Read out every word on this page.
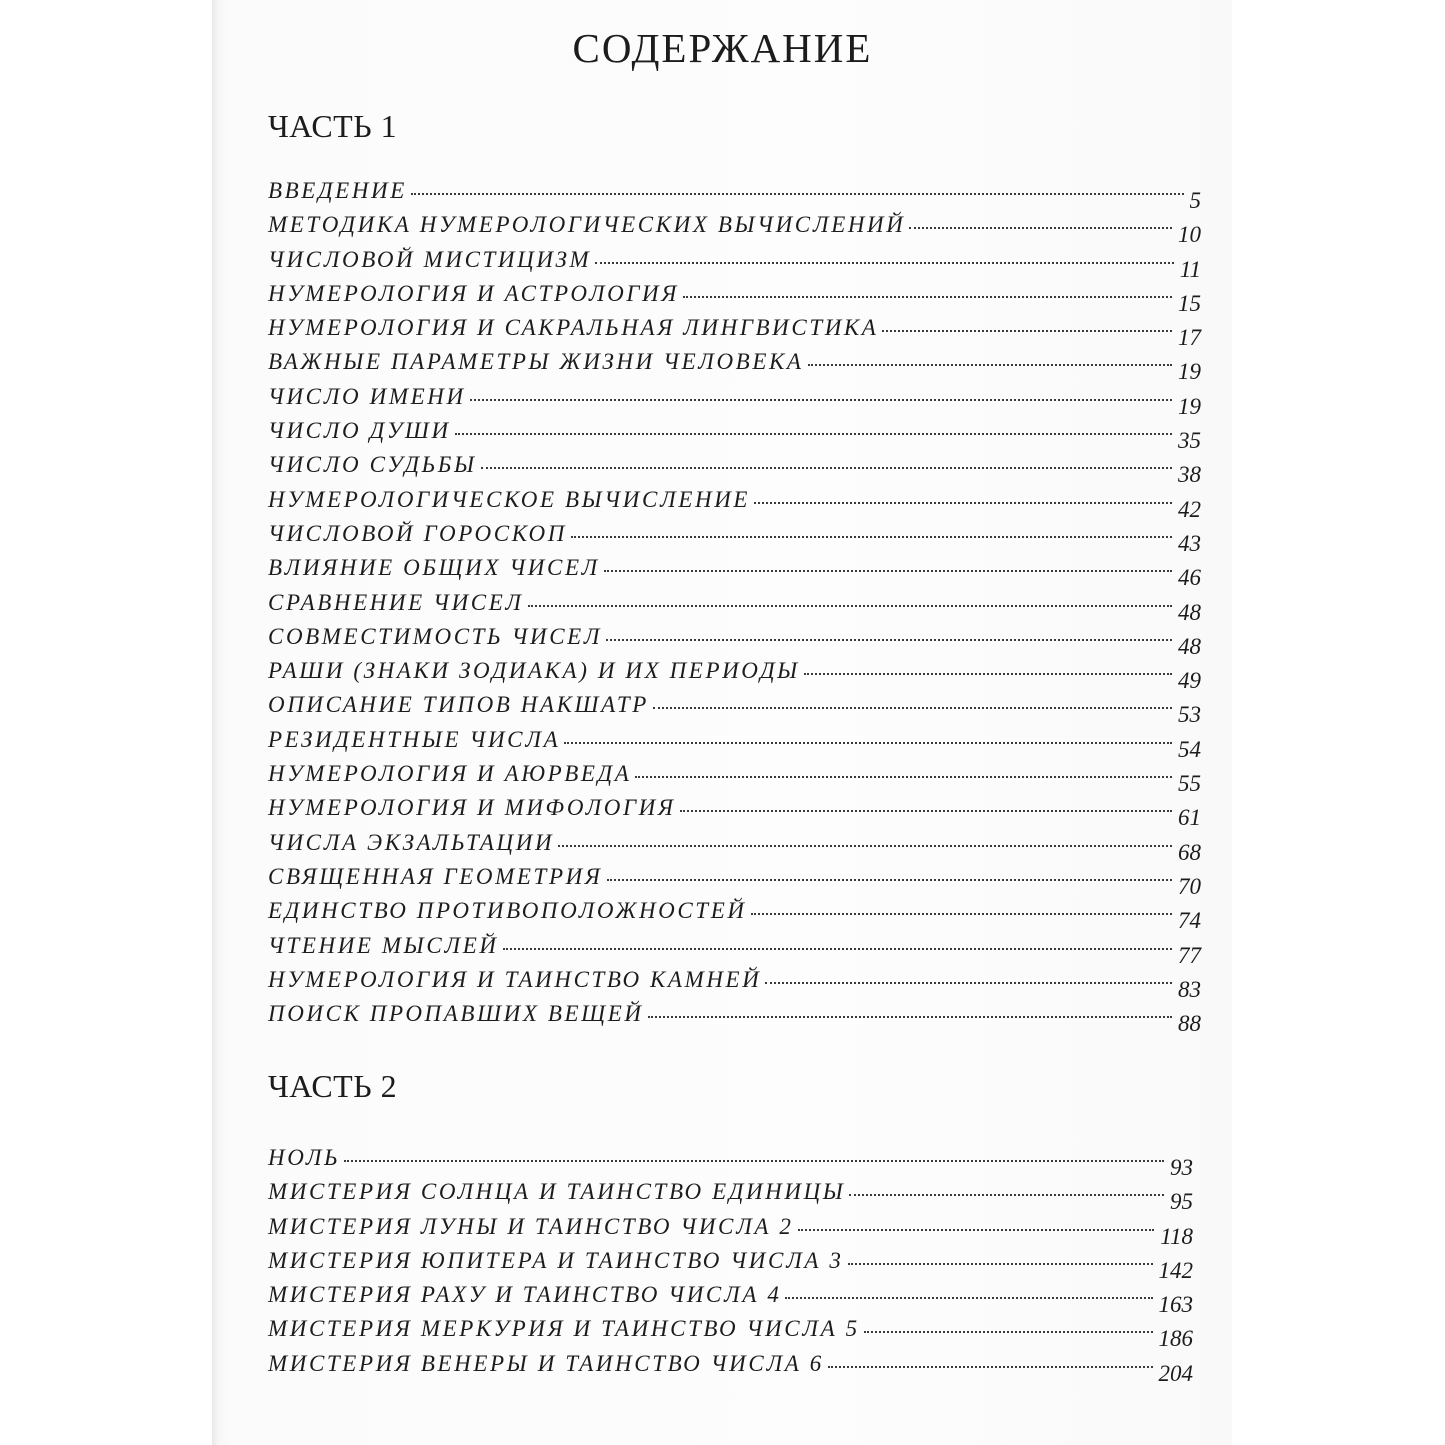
СОДЕРЖАНИЕ
ЧАСТЬ 1
ВВЕДЕНИЕ	5
МЕТОДИКА НУМЕРОЛОГИЧЕСКИХ ВЫЧИСЛЕНИЙ	10
ЧИСЛОВОЙ МИСТИЦИЗМ	11
НУМЕРОЛОГИЯ И АСТРОЛОГИЯ	15
НУМЕРОЛОГИЯ И САКРАЛЬНАЯ ЛИНГВИСТИКА	17
ВАЖНЫЕ ПАРАМЕТРЫ ЖИЗНИ ЧЕЛОВЕКА	19
ЧИСЛО ИМЕНИ	19
ЧИСЛО ДУШИ	35
ЧИСЛО СУДЬБЫ	38
НУМЕРОЛОГИЧЕСКОЕ ВЫЧИСЛЕНИЕ	42
ЧИСЛОВОЙ ГОРОСКОП	43
ВЛИЯНИЕ ОБЩИХ ЧИСЕЛ	46
СРАВНЕНИЕ ЧИСЕЛ	48
СОВМЕСТИМОСТЬ ЧИСЕЛ	48
РАШИ (ЗНАКИ ЗОДИАКА) И ИХ ПЕРИОДЫ	49
ОПИСАНИЕ ТИПОВ НАКШАТР	53
РЕЗИДЕНТНЫЕ ЧИСЛА	54
НУМЕРОЛОГИЯ И АЮРВЕДА	55
НУМЕРОЛОГИЯ И МИФОЛОГИЯ	61
ЧИСЛА ЭКЗАЛЬТАЦИИ	68
СВЯЩЕННАЯ ГЕОМЕТРИЯ	70
ЕДИНСТВО ПРОТИВОПОЛОЖНОСТЕЙ	74
ЧТЕНИЕ МЫСЛЕЙ	77
НУМЕРОЛОГИЯ И ТАИНСТВО КАМНЕЙ	83
ПОИСК ПРОПАВШИХ ВЕЩЕЙ	88
ЧАСТЬ 2
НОЛЬ	93
МИСТЕРИЯ СОЛНЦА И ТАИНСТВО ЕДИНИЦЫ	95
МИСТЕРИЯ ЛУНЫ И ТАИНСТВО ЧИСЛА 2	118
МИСТЕРИЯ ЮПИТЕРА И ТАИНСТВО ЧИСЛА 3	142
МИСТЕРИЯ РАХУ И ТАИНСТВО ЧИСЛА 4	163
МИСТЕРИЯ МЕРКУРИЯ И ТАИНСТВО ЧИСЛА 5	186
МИСТЕРИЯ ВЕНЕРЫ И ТАИНСТВО ЧИСЛА 6	204
